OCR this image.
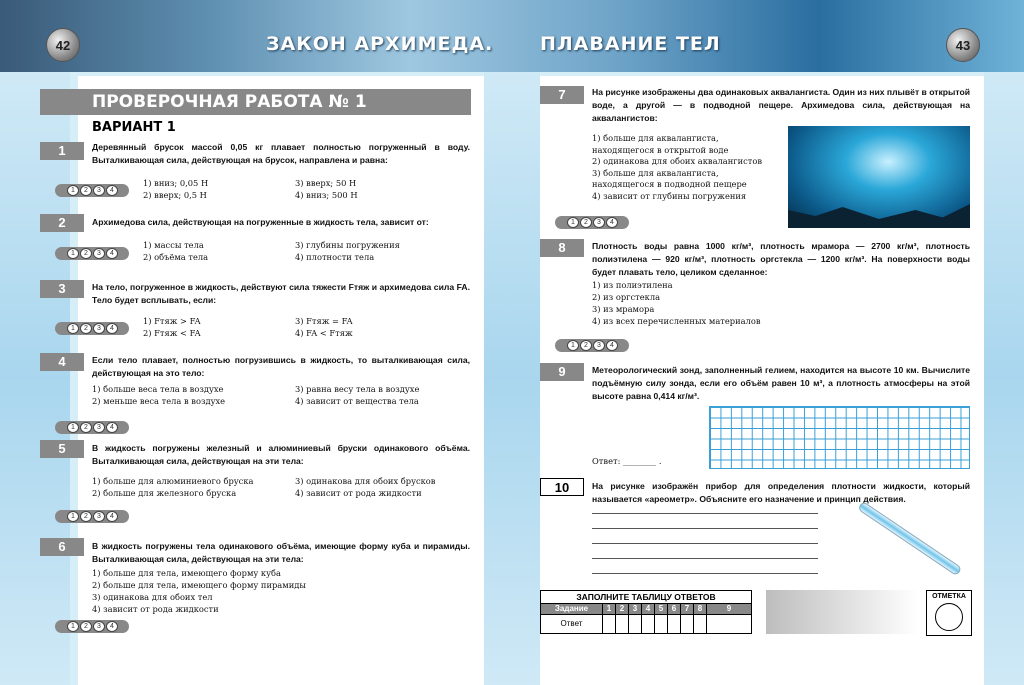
42	ЗАКОН АРХИМЕДА. ПЛАВАНИЕ ТЕЛ	43
ПРОВЕРОЧНАЯ РАБОТА № 1
ВАРИАНТ 1
1	Деревянный брусок массой 0,05 кг плавает полностью погруженный в воду. Выталкивающая сила, действующая на брусок, направлена и равна:
1	2	3	4
1) вниз; 0,05 Н
2) вверх; 0,5 Н
3) вверх; 50 Н
4) вниз; 500 Н
2	Архимедова сила, действующая на погруженные в жидкость тела, зависит от:
1	2	3	4
1) массы тела
2) объёма тела
3) глубины погружения
4) плотности тела
3	На тело, погруженное в жидкость, действуют сила тяжести Fтяж и архимедова сила FA. Тело будет всплывать, если:
1	2	3	4
1) Fтяж > FA
2) Fтяж < FA
3) Fтяж = FA
4) FA < Fтяж
4	Если тело плавает, полностью погрузившись в жидкость, то выталкивающая сила, действующая на это тело:
1) больше веса тела в воздухе
2) меньше веса тела в воздухе
3) равна весу тела в воздухе
4) зависит от вещества тела
1	2	3	4
5	В жидкость погружены железный и алюминиевый бруски одинакового объёма. Выталкивающая сила, действующая на эти тела:
1) больше для алюминиевого бруска
2) больше для железного бруска
3) одинакова для обоих брусков
4) зависит от рода жидкости
1	2	3	4
6	В жидкость погружены тела одинакового объёма, имеющие форму куба и пирамиды. Выталкивающая сила, действующая на эти тела:
1) больше для тела, имеющего форму куба
2) больше для тела, имеющего форму пирамиды
3) одинакова для обоих тел
4) зависит от рода жидкости
1	2	3	4
7	На рисунке изображены два одинаковых аквалангиста. Один из них плывёт в открытой воде, а другой — в подводной пещере. Архимедова сила, действующая на аквалангистов:
1) больше для аквалангиста, находящегося в открытой воде
2) одинакова для обоих аквалангистов
3) больше для аквалангиста, находящегося в подводной пещере
4) зависит от глубины погружения
1	2	3	4
8	Плотность воды равна 1000 кг/м³, плотность мрамора — 2700 кг/м³, плотность полиэтилена — 920 кг/м³, плотность оргстекла — 1200 кг/м³. На поверхности воды будет плавать тело, целиком сделанное:
1) из полиэтилена
2) из оргстекла
3) из мрамора
4) из всех перечисленных материалов
1	2	3	4
9	Метеорологический зонд, заполненный гелием, находится на высоте 10 км. Вычислите подъёмную силу зонда, если его объём равен 10 м³, а плотность атмосферы на этой высоте равна 0,414 кг/м³.
Ответ: ________ .
10	На рисунке изображён прибор для определения плотности жидкости, который называется «ареометр». Объясните его назначение и принцип действия.
ЗАПОЛНИТЕ ТАБЛИЦУ ОТВЕТОВ
Задание	1	2	3	4	5	6	7	8	9
Ответ
ОТМЕТКА
